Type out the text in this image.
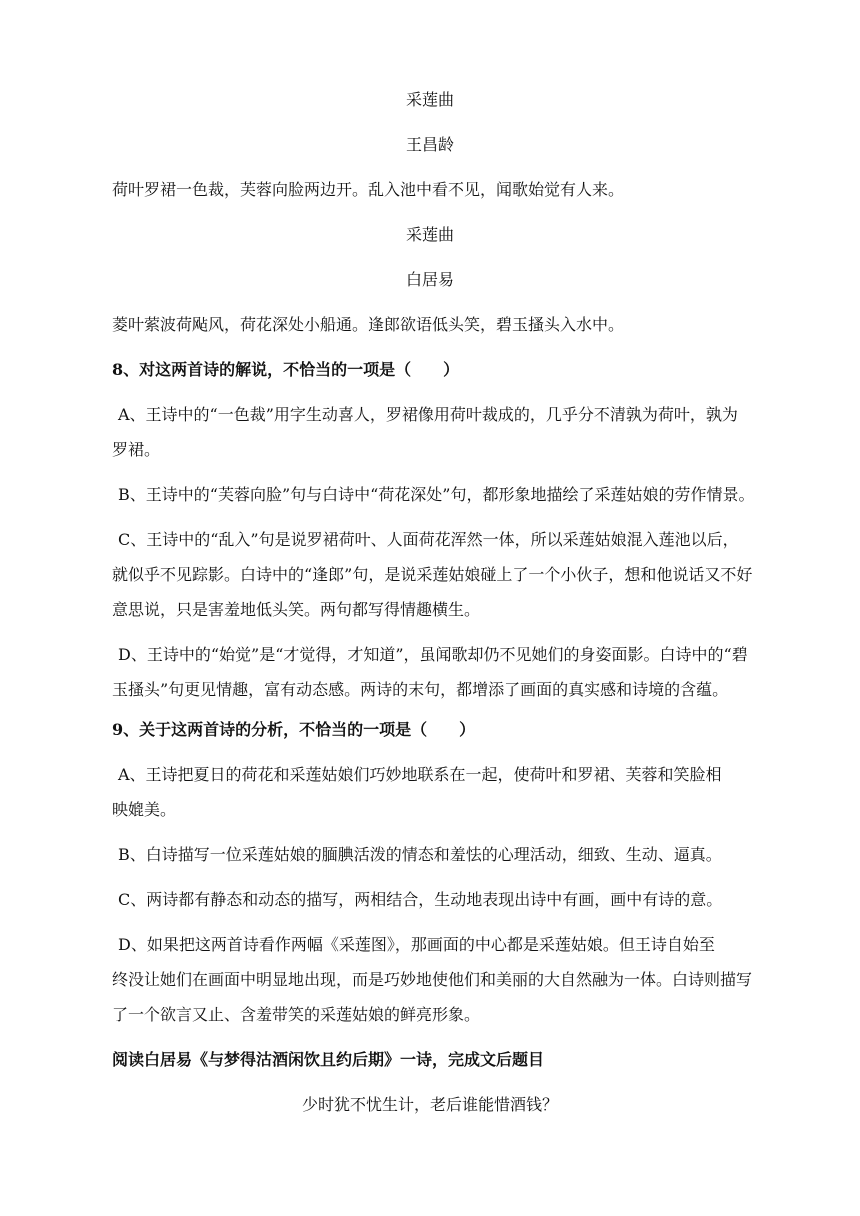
采莲曲
王昌龄
荷叶罗裙一色裁，芙蓉向脸两边开。乱入池中看不见，闻歌始觉有人来。
采莲曲
白居易
菱叶萦波荷飐风，荷花深处小船通。逢郎欲语低头笑，碧玉搔头入水中。
8、对这两首诗的解说，不恰当的一项是（　　）
A、王诗中的“一色裁”用字生动喜人，罗裙像用荷叶裁成的，几乎分不清孰为荷叶，孰为
罗裙。
B、王诗中的“芙蓉向脸”句与白诗中“荷花深处”句，都形象地描绘了采莲姑娘的劳作情景。
C、王诗中的“乱入”句是说罗裙荷叶、人面荷花浑然一体，所以采莲姑娘混入莲池以后，
就似乎不见踪影。白诗中的“逢郎”句，是说采莲姑娘碰上了一个小伙子，想和他说话又不好
意思说，只是害羞地低头笑。两句都写得情趣横生。
D、王诗中的“始觉”是“才觉得，才知道”，虽闻歌却仍不见她们的身姿面影。白诗中的“碧
玉搔头”句更见情趣，富有动态感。两诗的末句，都增添了画面的真实感和诗境的含蕴。
9、关于这两首诗的分析，不恰当的一项是（　　）
A、王诗把夏日的荷花和采莲姑娘们巧妙地联系在一起，使荷叶和罗裙、芙蓉和笑脸相
映媲美。
B、白诗描写一位采莲姑娘的腼腆活泼的情态和羞怯的心理活动，细致、生动、逼真。
C、两诗都有静态和动态的描写，两相结合，生动地表现出诗中有画，画中有诗的意。
D、如果把这两首诗看作两幅《采莲图》，那画面的中心都是采莲姑娘。但王诗自始至
终没让她们在画面中明显地出现，而是巧妙地使他们和美丽的大自然融为一体。白诗则描写
了一个欲言又止、含羞带笑的采莲姑娘的鲜亮形象。
阅读白居易《与梦得沽酒闲饮且约后期》一诗，完成文后题目
少时犹不忧生计，老后谁能惜酒钱？
